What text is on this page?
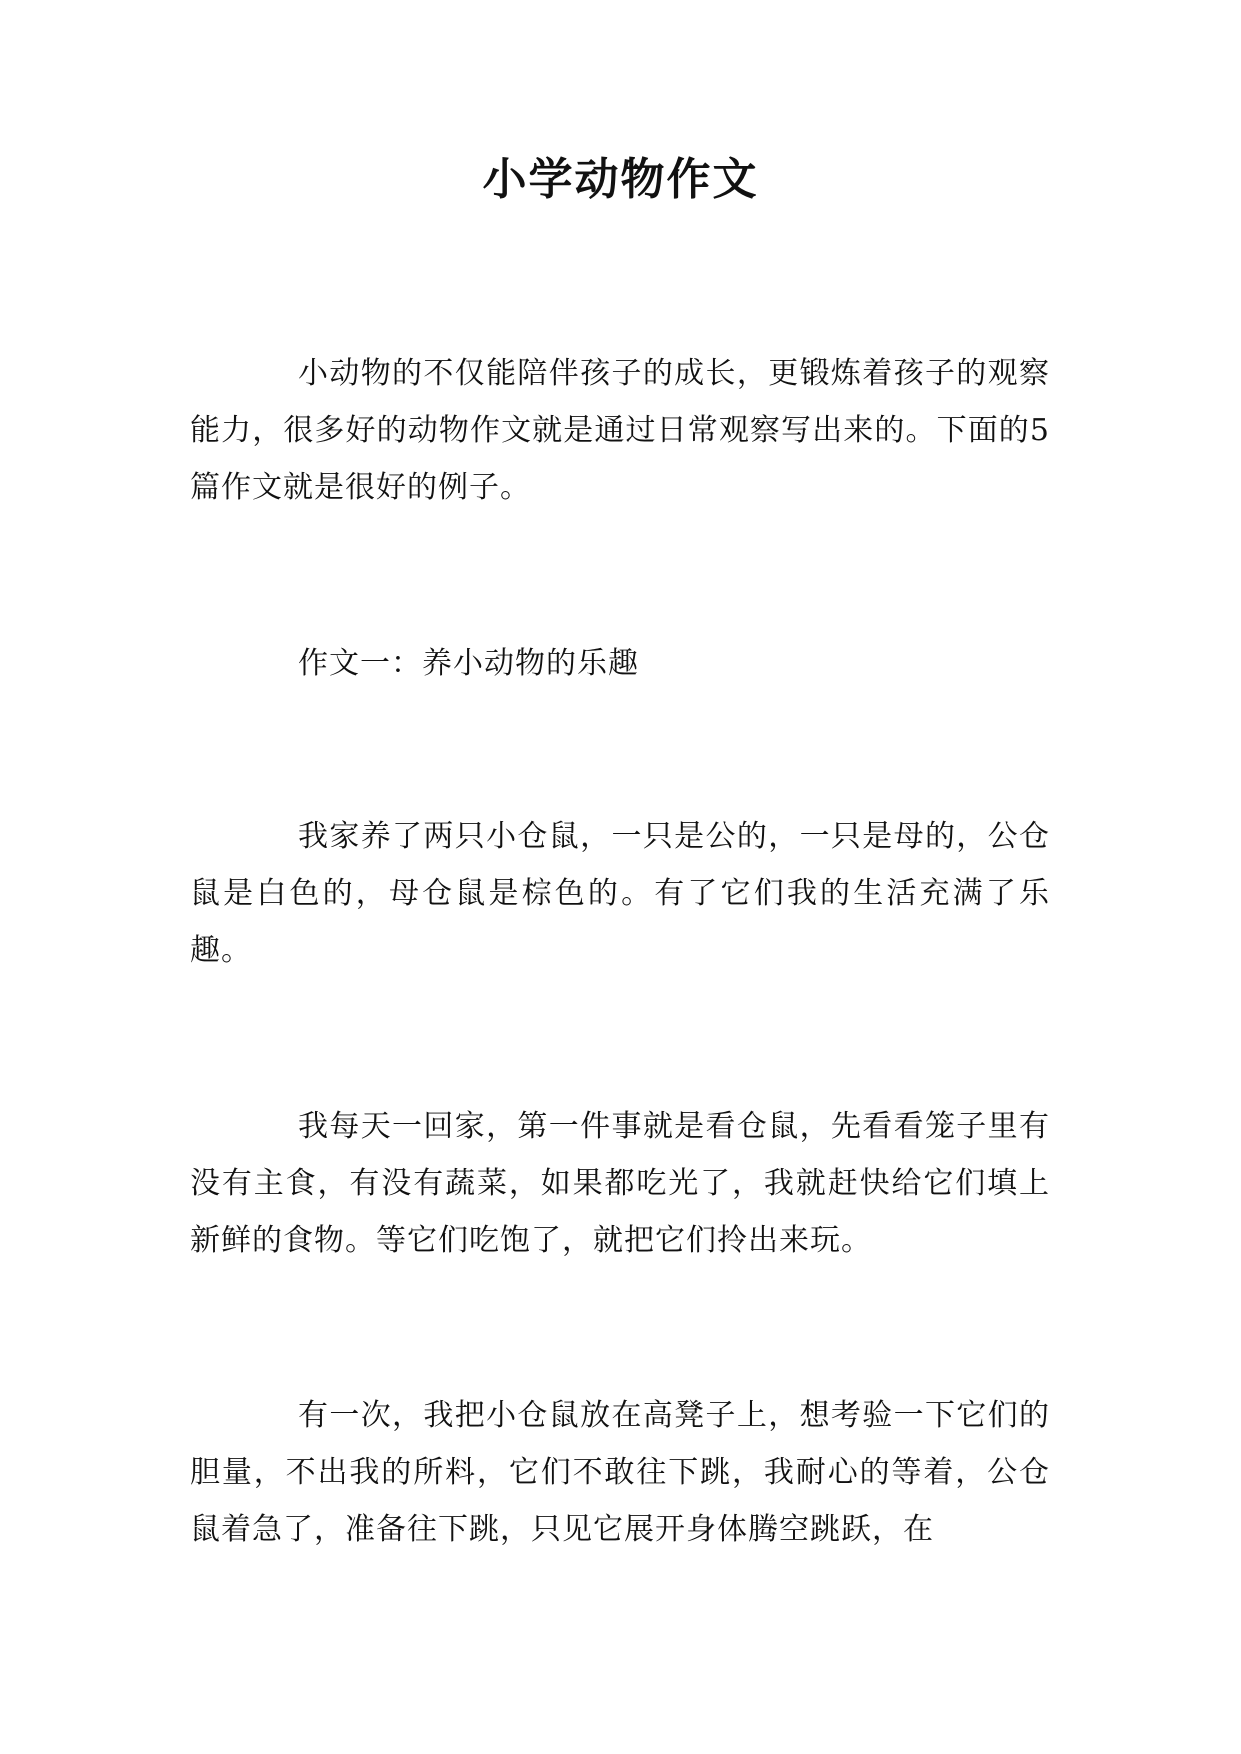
小学动物作文

小动物的不仅能陪伴孩子的成长，更锻炼着孩子的观察能力，很多好的动物作文就是通过日常观察写出来的。下面的5篇作文就是很好的例子。

作文一：养小动物的乐趣

我家养了两只小仓鼠，一只是公的，一只是母的，公仓鼠是白色的，母仓鼠是棕色的。有了它们我的生活充满了乐趣。

我每天一回家，第一件事就是看仓鼠，先看看笼子里有没有主食，有没有蔬菜，如果都吃光了，我就赶快给它们填上新鲜的食物。等它们吃饱了，就把它们拎出来玩。

有一次，我把小仓鼠放在高凳子上，想考验一下它们的胆量，不出我的所料，它们不敢往下跳，我耐心的等着，公仓鼠着急了，准备往下跳，只见它展开身体腾空跳跃，在
